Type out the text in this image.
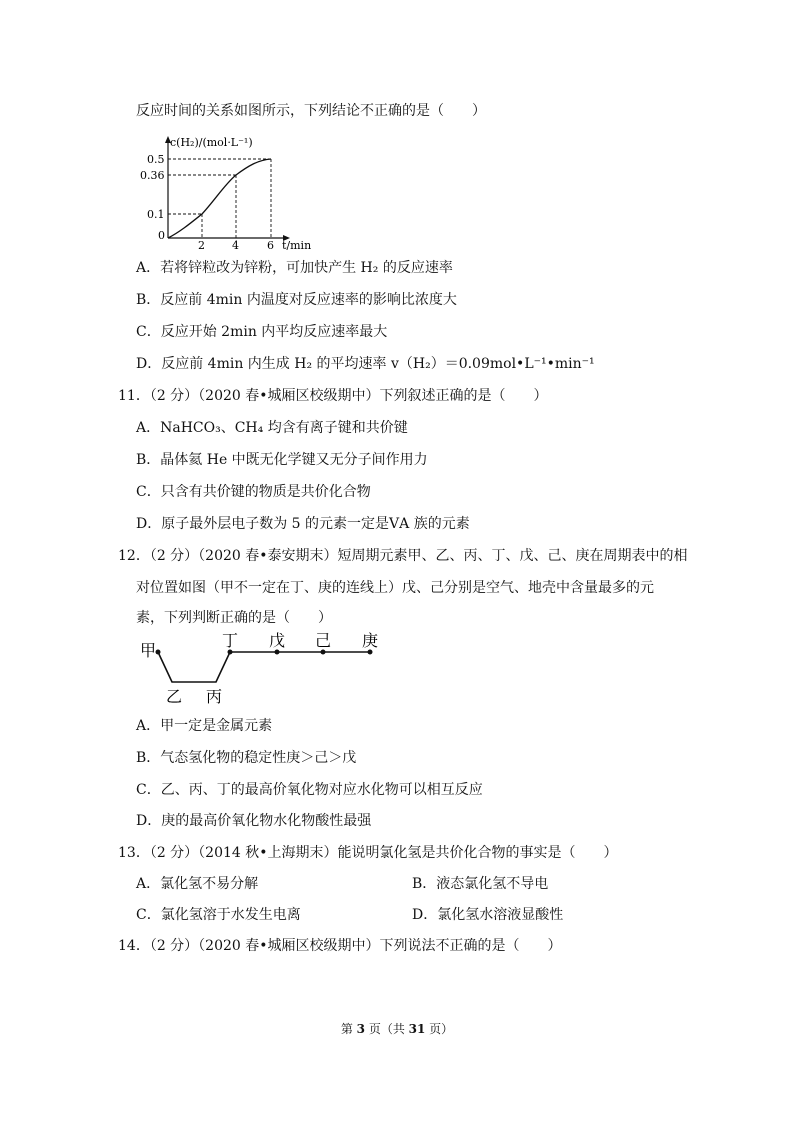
反应时间的关系如图所示，下列结论不正确的是（　　）
c(H₂)/(mol·L⁻¹)
0.5
0.36
0.1
0
2 4	6 t/min
A．若将锌粒改为锌粉，可加快产生 H₂ 的反应速率
B．反应前 4min 内温度对反应速率的影响比浓度大
C．反应开始 2min 内平均反应速率最大
D．反应前 4min 内生成 H₂ 的平均速率 v（H₂）＝0.09mol•L⁻¹•min⁻¹
11．（2 分）（2020 春•城厢区校级期中）下列叙述正确的是（　　）
A．NaHCO₃、CH₄ 均含有离子键和共价键
B．晶体氦 He 中既无化学键又无分子间作用力
C．只含有共价键的物质是共价化合物
D．原子最外层电子数为 5 的元素一定是ⅤA 族的元素
12．（2 分）（2020 春•泰安期末）短周期元素甲、乙、丙、丁、戊、己、庚在周期表中的相
对位置如图（甲不一定在丁、庚的连线上）戊、己分别是空气、地壳中含量最多的元
素，下列判断正确的是（　　）
甲
乙 丙
丁 戊 己 庚
A．甲一定是金属元素
B．气态氢化物的稳定性庚＞己＞戊
C．乙、丙、丁的最高价氧化物对应水化物可以相互反应
D．庚的最高价氧化物水化物酸性最强
13．（2 分）（2014 秋•上海期末）能说明氯化氢是共价化合物的事实是（　　）
A．氯化氢不易分解	B．液态氯化氢不导电
C．氯化氢溶于水发生电离	D．氯化氢水溶液显酸性
14．（2 分）（2020 春•城厢区校级期中）下列说法不正确的是（　　）
第 3 页（共 31 页）
